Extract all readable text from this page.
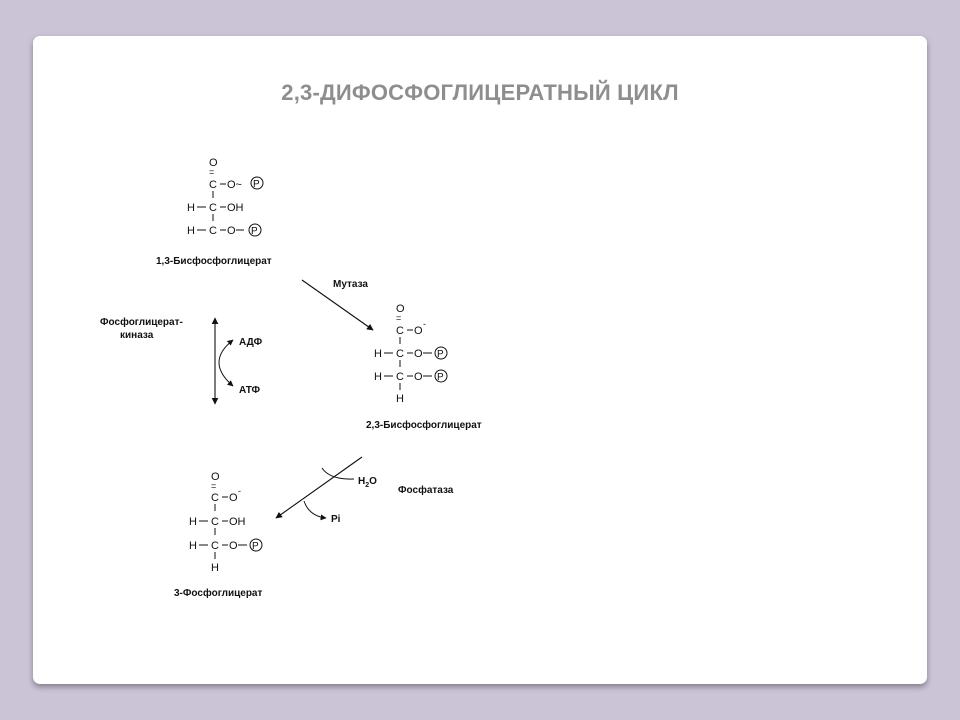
2,3-ДИФОСФОГЛИЦЕРАТНЫЙ ЦИКЛ
O
=
C O~ P
H C OH
H C O P
1,3-Бисфосфоглицерат
O
=
C O
-
H C O P
H C O P
H
2,3-Бисфосфоглицерат
O
=
C O
-
H C OH
H C O P
H
3-Фосфоглицерат
Мутаза
Фосфоглицерат-
киназа
АДФ
АТФ
$H_2O$
Pi
Фосфатаза
